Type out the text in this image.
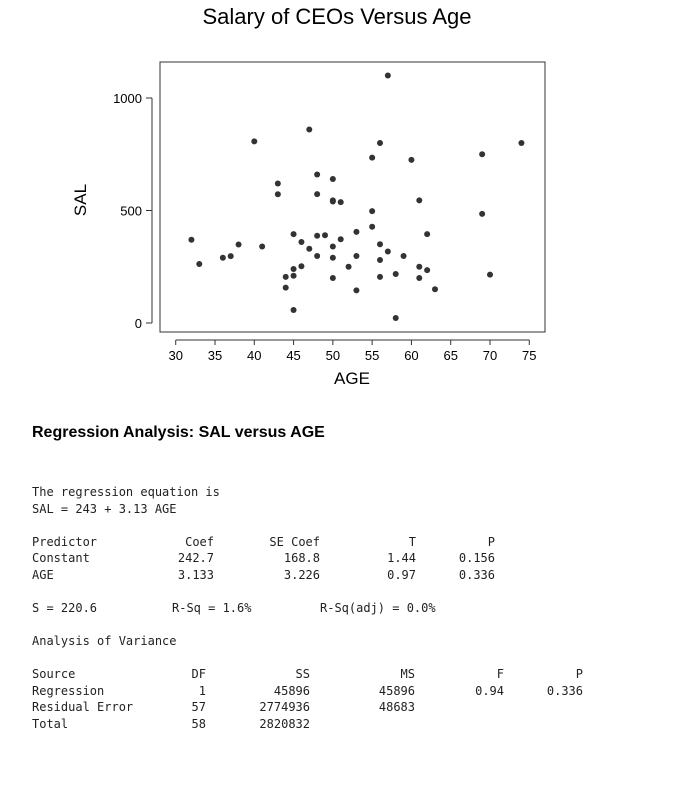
Salary of CEOs Versus Age
30 35 40 45 50 55 60 65 70 75
0
500
1000
AGE
SAL
Regression Analysis: SAL versus AGE
The regression equation is
SAL = 243 + 3.13 AGE
Predictor	Coef	SE Coef	T	P
Constant	242.7	168.8	1.44	0.156
AGE	3.133	3.226	0.97	0.336
S = 220.6	R-Sq = 1.6%	R-Sq(adj) = 0.0%
Analysis of Variance
Source	DF	SS	MS	F	P
Regression	1	45896	45896	0.94	0.336
Residual Error	57	2774936	48683
Total	58	2820832
